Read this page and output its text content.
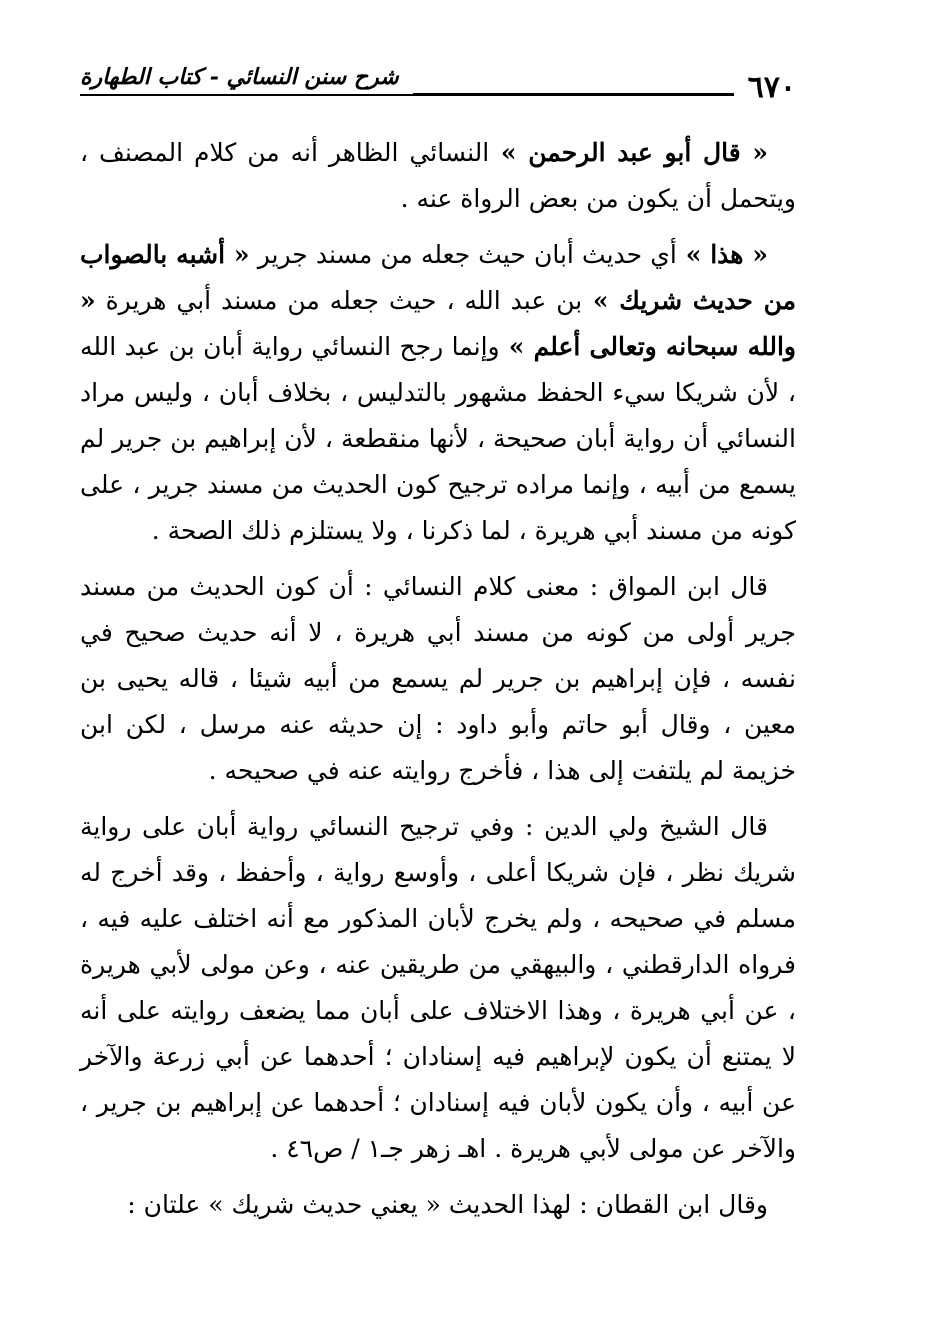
٦٧٠
شرح سنن النسائي - كتاب الطهارة

« قال أبو عبد الرحمن » النسائي الظاهر أنه من كلام المصنف ، ويتحمل أن يكون من بعض الرواة عنه .

« هذا » أي حديث أبان حيث جعله من مسند جرير « أشبه بالصواب من حديث شريك » بن عبد الله ، حيث جعله من مسند أبي هريرة « والله سبحانه وتعالى أعلم » وإنما رجح النسائي رواية أبان بن عبد الله ، لأن شريكا سيء الحفظ مشهور بالتدليس ، بخلاف أبان ، وليس مراد النسائي أن رواية أبان صحيحة ، لأنها منقطعة ، لأن إبراهيم بن جرير لم يسمع من أبيه ، وإنما مراده ترجيح كون الحديث من مسند جرير ، على كونه من مسند أبي هريرة ، لما ذكرنا ، ولا يستلزم ذلك الصحة .

قال ابن المواق : معنى كلام النسائي : أن كون الحديث من مسند جرير أولى من كونه من مسند أبي هريرة ، لا أنه حديث صحيح في نفسه ، فإن إبراهيم بن جرير لم يسمع من أبيه شيئا ، قاله يحيى بن معين ، وقال أبو حاتم وأبو داود : إن حديثه عنه مرسل ، لكن ابن خزيمة لم يلتفت إلى هذا ، فأخرج روايته عنه في صحيحه .

قال الشيخ ولي الدين : وفي ترجيح النسائي رواية أبان على رواية شريك نظر ، فإن شريكا أعلى ، وأوسع رواية ، وأحفظ ، وقد أخرج له مسلم في صحيحه ، ولم يخرج لأبان المذكور مع أنه اختلف عليه فيه ، فرواه الدارقطني ، والبيهقي من طريقين عنه ، وعن مولى لأبي هريرة ، عن أبي هريرة ، وهذا الاختلاف على أبان مما يضعف روايته على أنه لا يمتنع أن يكون لإبراهيم فيه إسنادان ؛ أحدهما عن أبي زرعة والآخر عن أبيه ، وأن يكون لأبان فيه إسنادان ؛ أحدهما عن إبراهيم بن جرير ، والآخر عن مولى لأبي هريرة . اهـ زهر جـ١ / ص٤٦ .

وقال ابن القطان : لهذا الحديث « يعني حديث شريك » علتان :
